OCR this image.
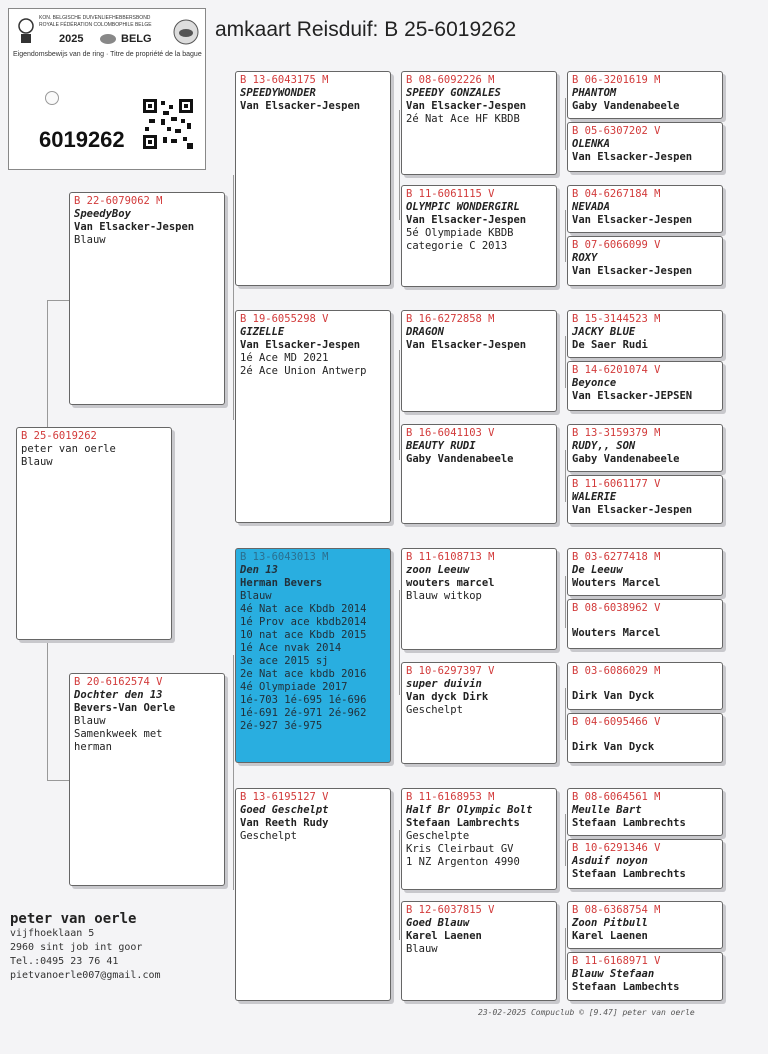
amkaart Reisduif: B 25-6019262
KON. BELGISCHE DUIVENLIEFHEBBERSBOND
ROYALE FÉDÉRATION COLOMBOPHILE BELGE
2025	BELG
Eigendomsbewijs van de ring · Titre de propriété de la bague
6019262
B 25-6019262
peter van oerle
Blauw
B 22-6079062 M
SpeedyBoy
Van Elsacker-Jespen
Blauw
B 20-6162574 V
Dochter den 13
Bevers-Van Oerle
Blauw
Samenkweek met
herman
B 13-6043175 M
SPEEDYWONDER
Van Elsacker-Jespen
B 19-6055298 V
GIZELLE
Van Elsacker-Jespen
1é Ace MD 2021
2é Ace Union Antwerp
B 13-6043013 M
Den 13
Herman Bevers
Blauw
4é Nat ace Kbdb 2014
1é Prov ace kbdb2014
10 nat ace Kbdb 2015
1é Ace nvak 2014
3e ace 2015 sj
2e Nat ace kbdb 2016
4é Olympiade 2017
1é-703 1é-695 1é-696
1é-691 2é-971 2é-962
2é-927 3é-975
B 13-6195127 V
Goed Geschelpt
Van Reeth Rudy
Geschelpt
B 08-6092226 M
SPEEDY GONZALES
Van Elsacker-Jespen
2é Nat Ace HF KBDB
B 11-6061115 V
OLYMPIC WONDERGIRL
Van Elsacker-Jespen
5é Olympiade KBDB
categorie C 2013
B 16-6272858 M
DRAGON
Van Elsacker-Jespen
B 16-6041103 V
BEAUTY RUDI
Gaby Vandenabeele
B 11-6108713 M
zoon Leeuw
wouters marcel
Blauw witkop
B 10-6297397 V
super duivin
Van dyck Dirk
Geschelpt
B 11-6168953 M
Half Br Olympic Bolt
Stefaan Lambrechts
Geschelpte
Kris Cleirbaut GV
1 NZ Argenton 4990
B 12-6037815 V
Goed Blauw
Karel Laenen
Blauw
B 06-3201619 M
PHANTOM
Gaby Vandenabeele
B 05-6307202 V
OLENKA
Van Elsacker-Jespen
B 04-6267184 M
NEVADA
Van Elsacker-Jespen
B 07-6066099 V
ROXY
Van Elsacker-Jespen
B 15-3144523 M
JACKY BLUE
De Saer Rudi
B 14-6201074 V
Beyonce
Van Elsacker-JEPSEN
B 13-3159379 M
RUDY,, SON
Gaby Vandenabeele
B 11-6061177 V
WALERIE
Van Elsacker-Jespen
B 03-6277418 M
De Leeuw
Wouters Marcel
B 08-6038962 V
Wouters Marcel
B 03-6086029 M
Dirk Van Dyck
B 04-6095466 V
Dirk Van Dyck
B 08-6064561 M
Meulle Bart
Stefaan Lambrechts
B 10-6291346 V
Asduif noyon
Stefaan Lambrechts
B 08-6368754 M
Zoon Pitbull
Karel Laenen
B 11-6168971 V
Blauw Stefaan
Stefaan Lambechts
peter van oerle
vijfhoeklaan 5
2960 sint job int goor
Tel.:0495 23 76 41
pietvanoerle007@gmail.com
23-02-2025 Compuclub © [9.47] peter van oerle
